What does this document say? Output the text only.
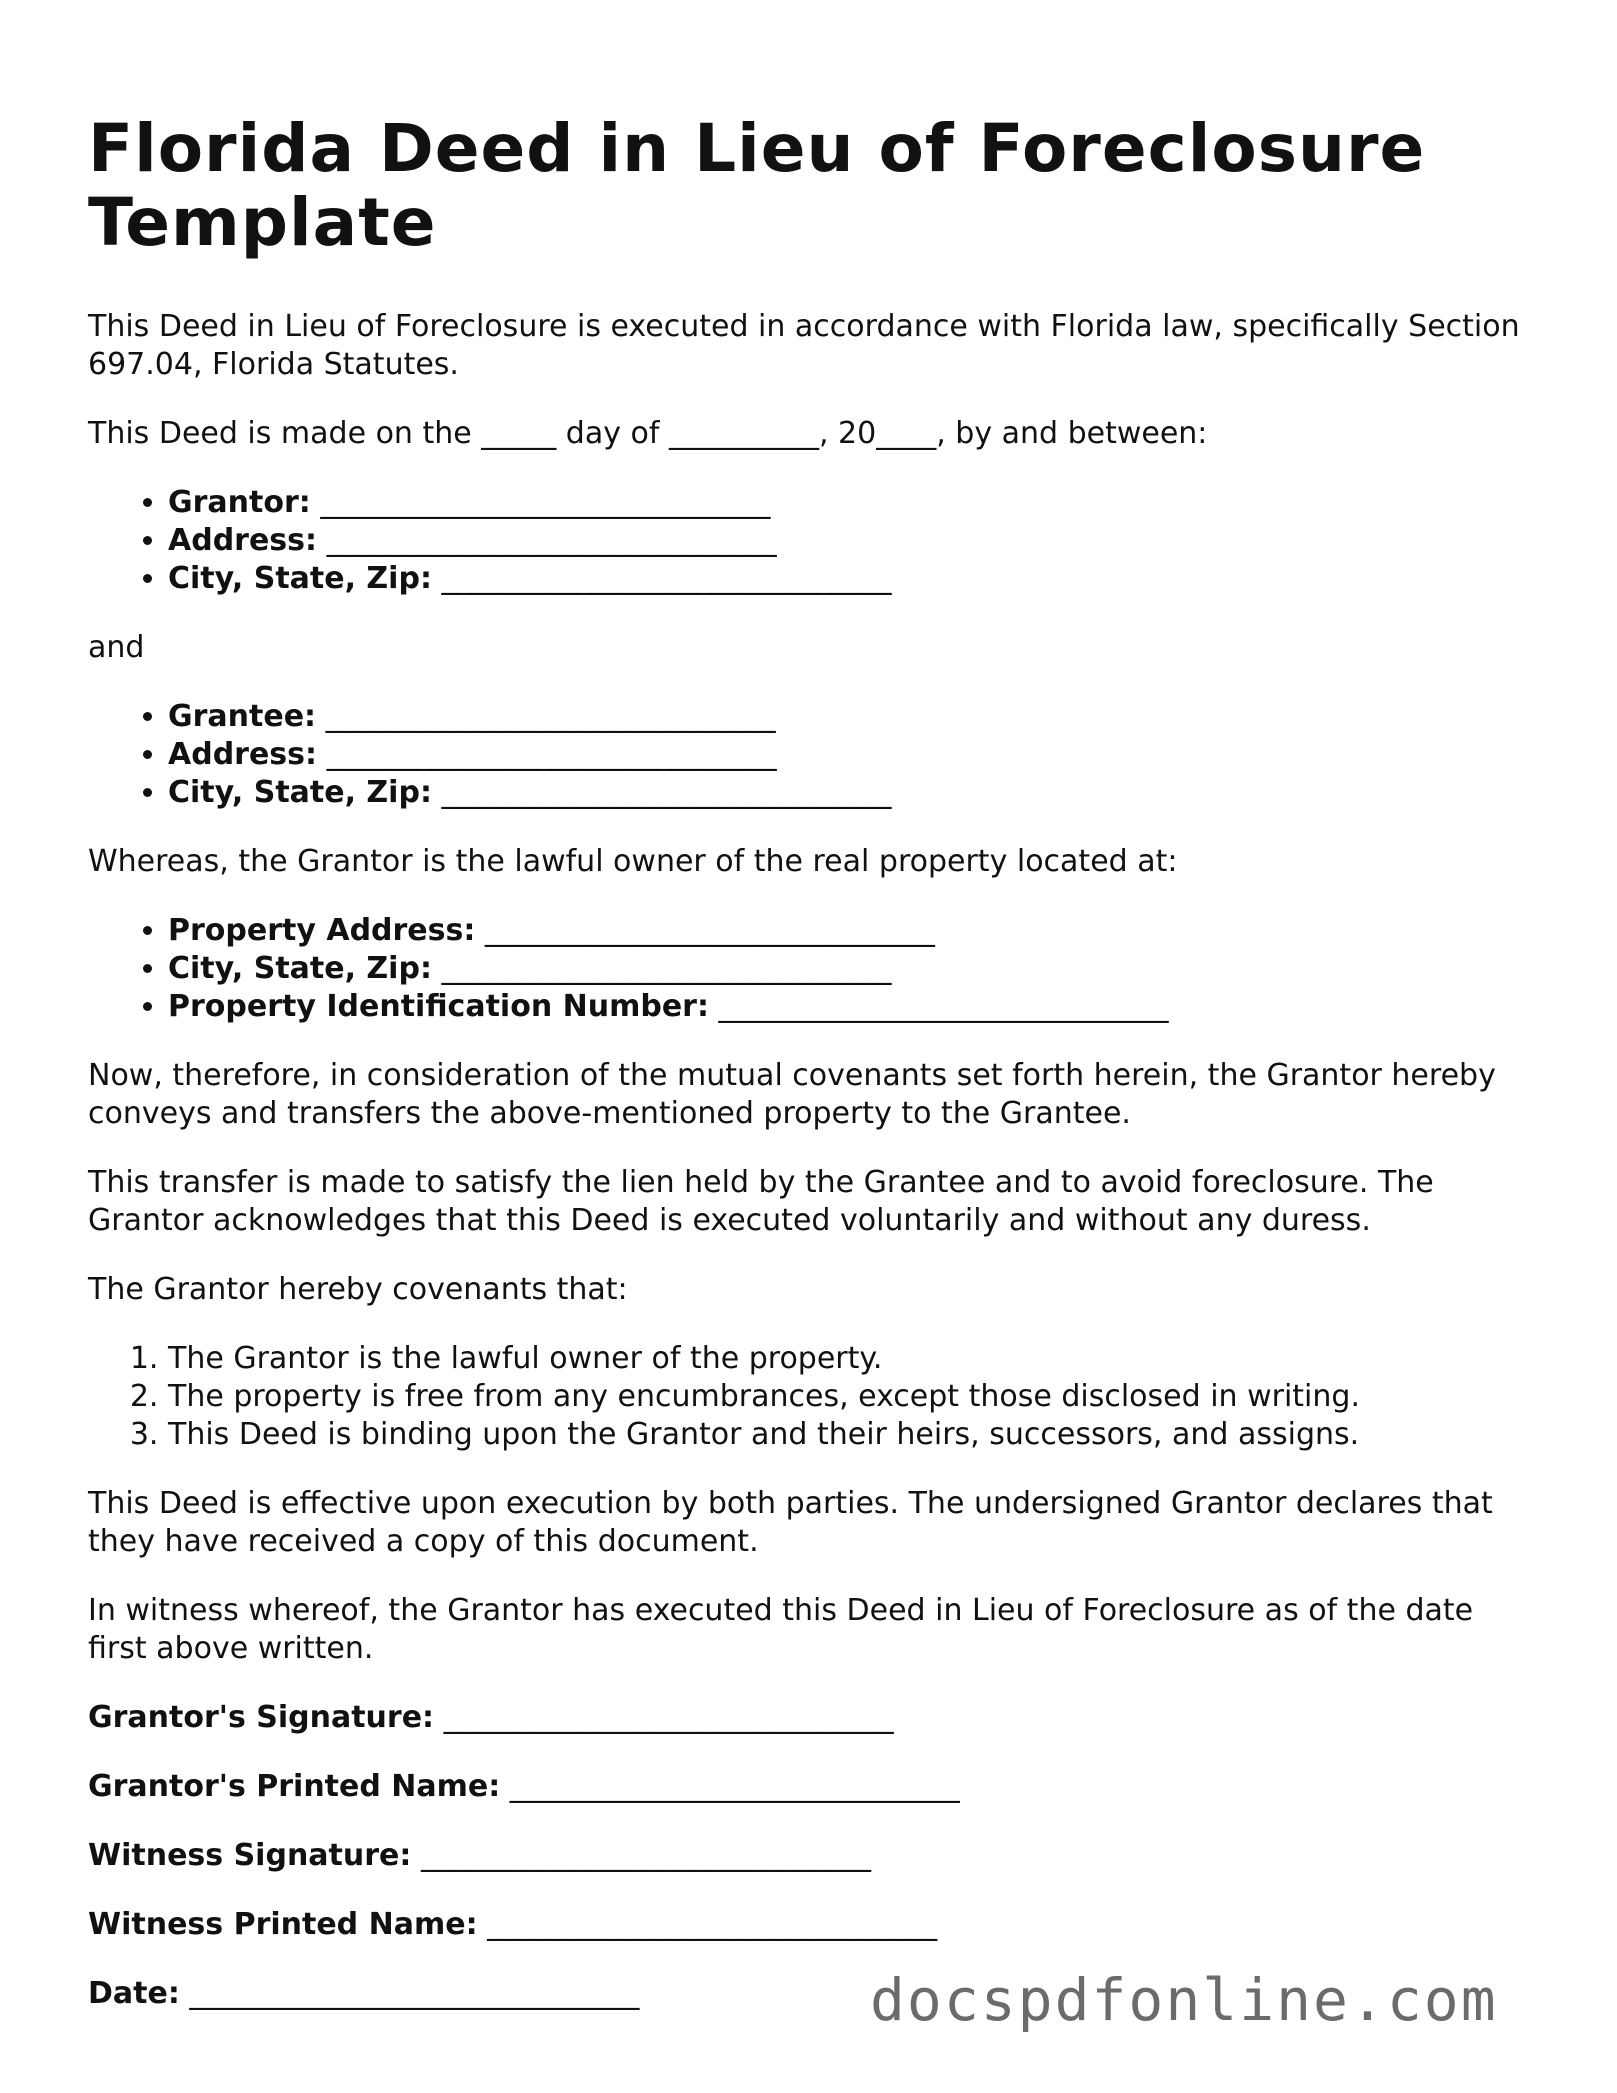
Florida Deed in Lieu of Foreclosure Template

This Deed in Lieu of Foreclosure is executed in accordance with Florida law, specifically Section 697.04, Florida Statutes.

This Deed is made on the _____ day of __________, 20____, by and between:

• Grantor: ______________________________
• Address: ______________________________
• City, State, Zip: ______________________________

and

• Grantee: ______________________________
• Address: ______________________________
• City, State, Zip: ______________________________

Whereas, the Grantor is the lawful owner of the real property located at:

• Property Address: ______________________________
• City, State, Zip: ______________________________
• Property Identification Number: ______________________________

Now, therefore, in consideration of the mutual covenants set forth herein, the Grantor hereby conveys and transfers the above-mentioned property to the Grantee.

This transfer is made to satisfy the lien held by the Grantee and to avoid foreclosure. The Grantor acknowledges that this Deed is executed voluntarily and without any duress.

The Grantor hereby covenants that:

1. The Grantor is the lawful owner of the property.
2. The property is free from any encumbrances, except those disclosed in writing.
3. This Deed is binding upon the Grantor and their heirs, successors, and assigns.

This Deed is effective upon execution by both parties. The undersigned Grantor declares that they have received a copy of this document.

In witness whereof, the Grantor has executed this Deed in Lieu of Foreclosure as of the date first above written.

Grantor's Signature: ______________________________
Grantor's Printed Name: ______________________________
Witness Signature: ______________________________
Witness Printed Name: ______________________________
Date: ______________________________	docspdfonline.com
